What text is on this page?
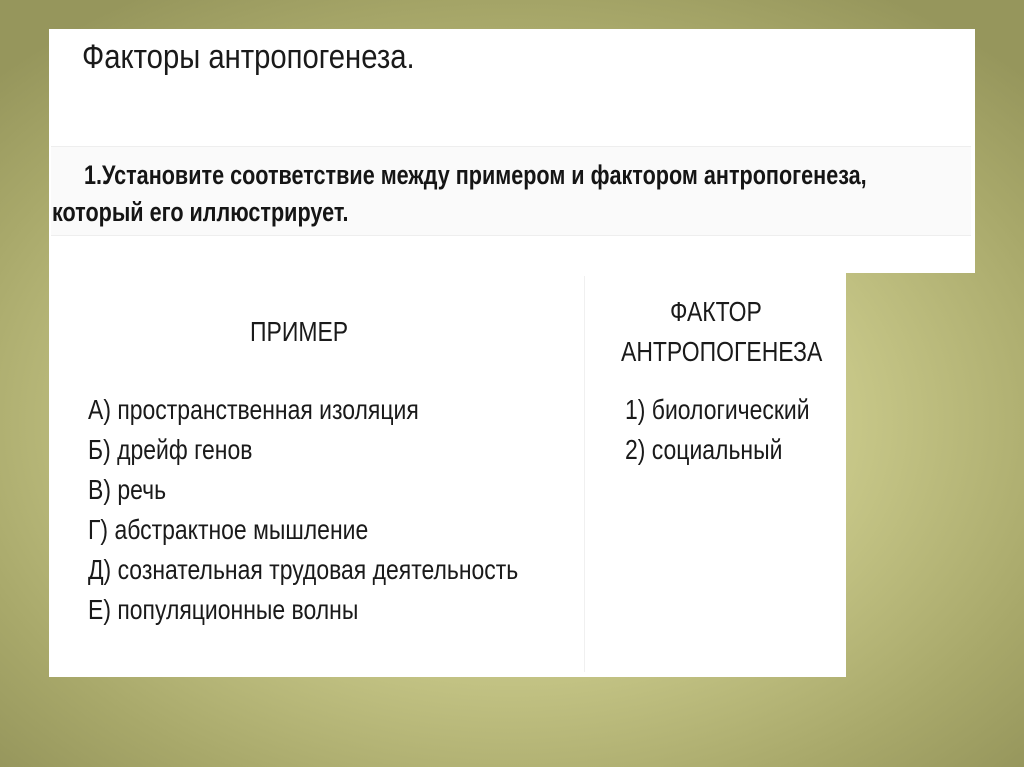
Факторы антропогенеза.

1.Установите соответствие между примером и фактором антропогенеза,

который его иллюстрирует.

ПРИМЕР

ФАКТОР

АНТРОПОГЕНЕЗА

А) пространственная изоляция
Б) дрейф генов
В) речь
Г) абстрактное мышление
Д) сознательная трудовая деятельность
Е) популяционные волны
1) биологический
2) социальный
